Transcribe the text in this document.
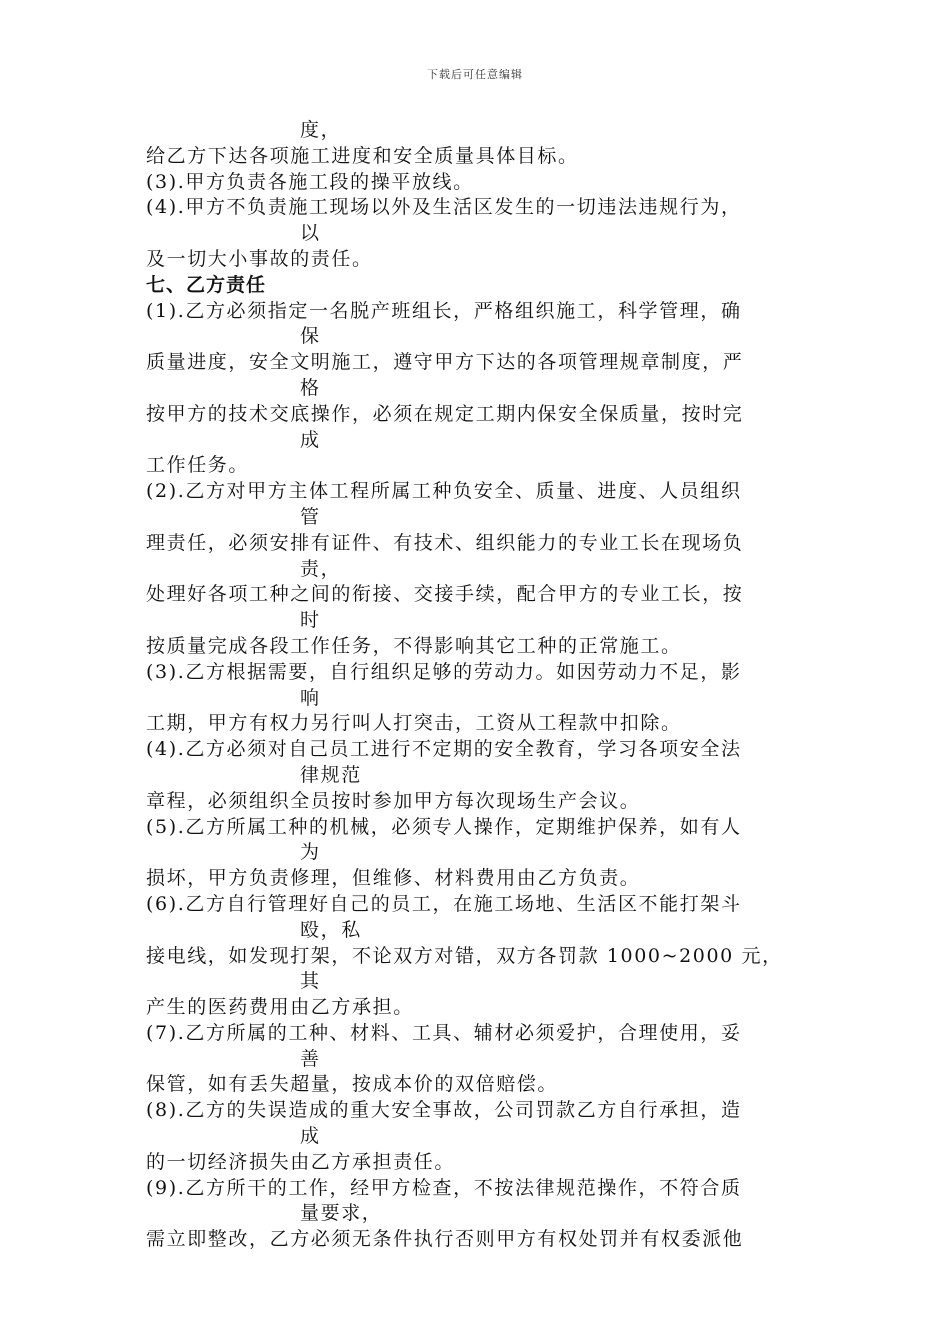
下载后可任意编辑
度，
给乙方下达各项施工进度和安全质量具体目标。
(3).甲方负责各施工段的操平放线。
(4).甲方不负责施工现场以外及生活区发生的一切违法违规行为，
以
及一切大小事故的责任。
七、乙方责任
(1).乙方必须指定一名脱产班组长，严格组织施工，科学管理，确
保
质量进度，安全文明施工，遵守甲方下达的各项管理规章制度，严
格
按甲方的技术交底操作，必须在规定工期内保安全保质量，按时完
成
工作任务。
(2).乙方对甲方主体工程所属工种负安全、质量、进度、人员组织
管
理责任，必须安排有证件、有技术、组织能力的专业工长在现场负
责，
处理好各项工种之间的衔接、交接手续，配合甲方的专业工长，按
时
按质量完成各段工作任务，不得影响其它工种的正常施工。
(3).乙方根据需要，自行组织足够的劳动力。如因劳动力不足，影
响
工期，甲方有权力另行叫人打突击，工资从工程款中扣除。
(4).乙方必须对自己员工进行不定期的安全教育，学习各项安全法
律规范
章程，必须组织全员按时参加甲方每次现场生产会议。
(5).乙方所属工种的机械，必须专人操作，定期维护保养，如有人
为
损坏，甲方负责修理，但维修、材料费用由乙方负责。
(6).乙方自行管理好自己的员工，在施工场地、生活区不能打架斗
殴，私
接电线，如发现打架，不论双方对错，双方各罚款 1000~2000 元，
其
产生的医药费用由乙方承担。
(7).乙方所属的工种、材料、工具、辅材必须爱护，合理使用，妥
善
保管，如有丢失超量，按成本价的双倍赔偿。
(8).乙方的失误造成的重大安全事故，公司罚款乙方自行承担，造
成
的一切经济损失由乙方承担责任。
(9).乙方所干的工作，经甲方检查，不按法律规范操作，不符合质
量要求，
需立即整改，乙方必须无条件执行否则甲方有权处罚并有权委派他
